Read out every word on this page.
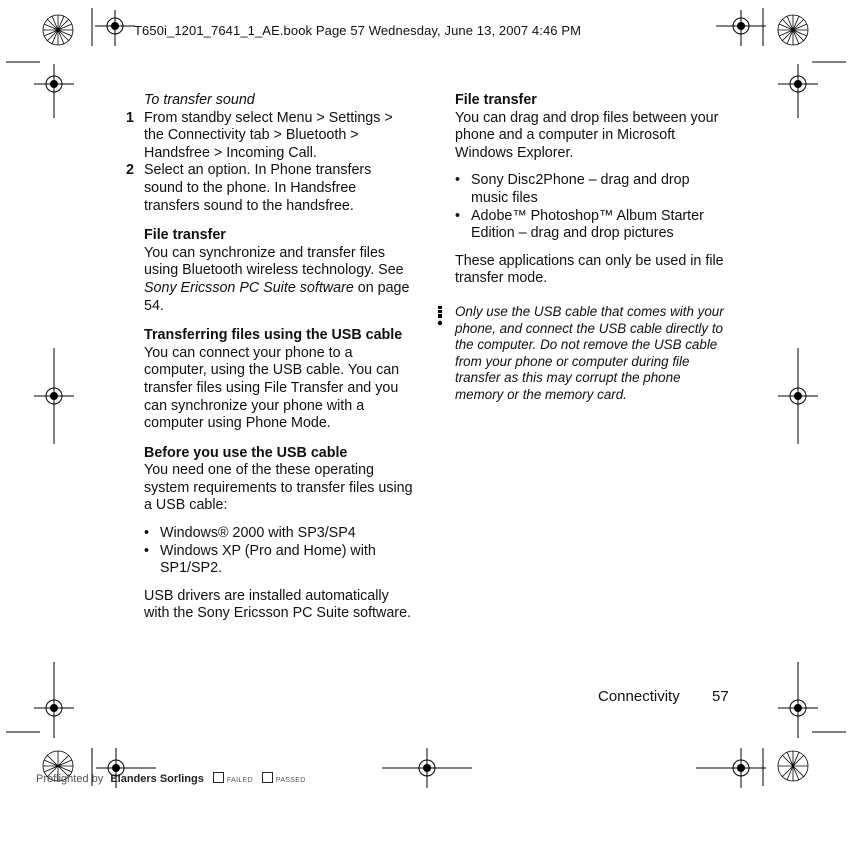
T650i_1201_7641_1_AE.book Page 57 Wednesday, June 13, 2007 4:46 PM

To transfer sound

1 From standby select Menu > Settings > the Connectivity tab > Bluetooth > Handsfree > Incoming Call.
2 Select an option. In Phone transfers sound to the phone. In Handsfree transfers sound to the handsfree.

File transfer

You can synchronize and transfer files using Bluetooth wireless technology. See Sony Ericsson PC Suite software on page 54.

Transferring files using the USB cable

You can connect your phone to a computer, using the USB cable. You can transfer files using File Transfer and you can synchronize your phone with a computer using Phone Mode.

Before you use the USB cable

You need one of the these operating system requirements to transfer files using a USB cable:

• Windows® 2000 with SP3/SP4
• Windows XP (Pro and Home) with SP1/SP2.

USB drivers are installed automatically with the Sony Ericsson PC Suite software.

File transfer

You can drag and drop files between your phone and a computer in Microsoft Windows Explorer.

• Sony Disc2Phone – drag and drop music files
• Adobe™ Photoshop™ Album Starter Edition – drag and drop pictures

These applications can only be used in file transfer mode.

Only use the USB cable that comes with your phone, and connect the USB cable directly to the computer. Do not remove the USB cable from your phone or computer during file transfer as this may corrupt the phone memory or the memory card.

Connectivity 57
Preflighted by Elanders Sorlings	FAILED	PASSED
